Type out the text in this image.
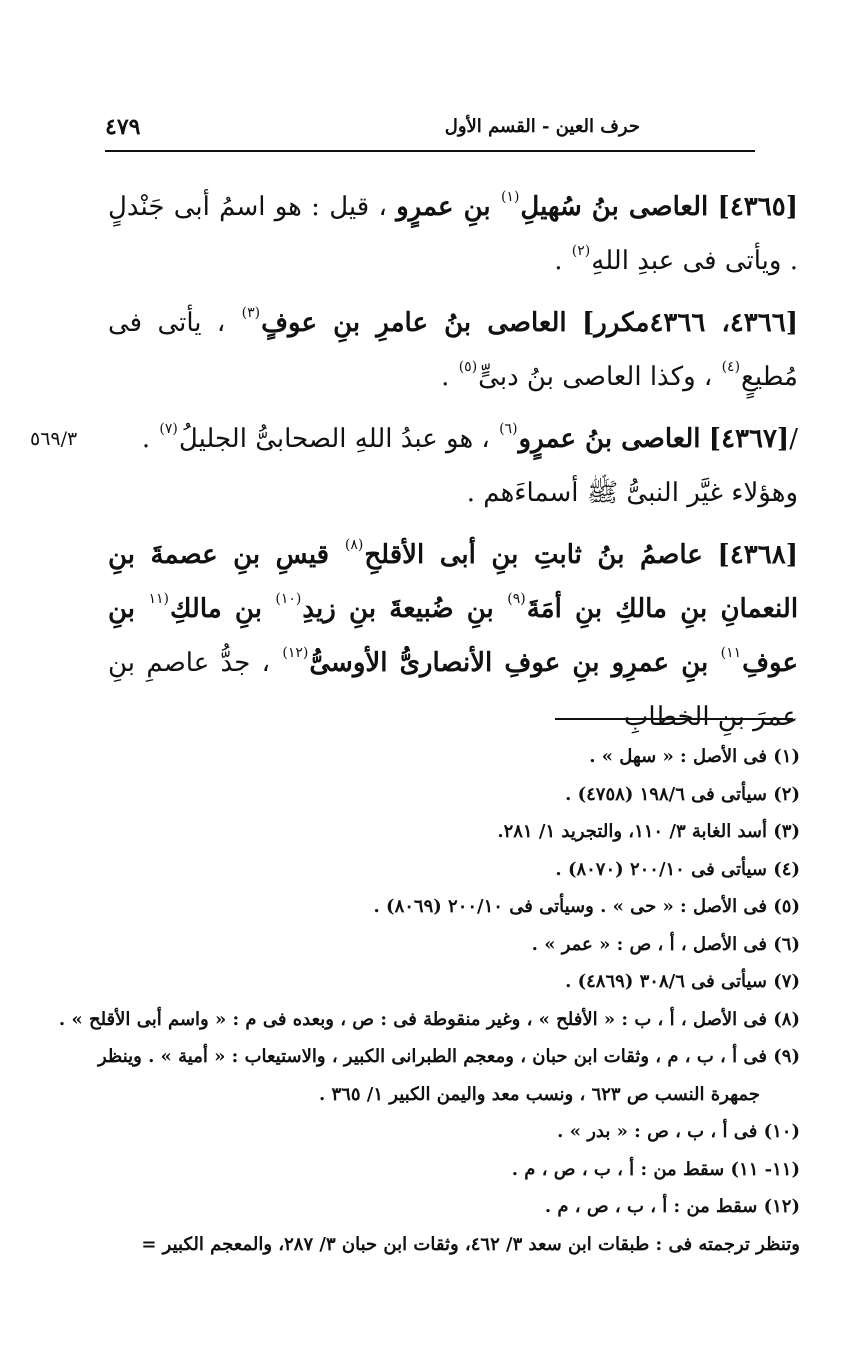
حرف العين - القسم الأول
٤٧٩
٥٦٩/٣

[٤٣٦٥] العاصى بنُ سُهيلِ$^{(١)}$ بنِ عمرٍو ، قيل : هو اسمُ أبى جَنْدلٍ . ويأتى فى عبدِ اللهِ$^{(٢)}$ .

[٤٣٦٦، ٤٣٦٦مكرر] العاصى بنُ عامرِ بنِ عوفٍ$^{(٣)}$ ، يأتى فى مُطيعٍ$^{(٤)}$ ، وكذا العاصى بنُ دبىٍّ$^{(٥)}$ .

/[٤٣٦٧] العاصى بنُ عمرٍو$^{(٦)}$ ، هو عبدُ اللهِ الصحابىُّ الجليلُ$^{(٧)}$ .
وهؤلاء غيَّر النبىُّ ﷺ أسماءَهم .

[٤٣٦٨] عاصمُ بنُ ثابتِ بنِ أبى الأقلحِ$^{(٨)}$ قيسِ بنِ عصمةَ بنِ النعمانِ بنِ مالكِ بنِ أمَةَ$^{(٩)}$ بنِ ضُبيعةَ بنِ زيدِ$^{(١٠)}$ بنِ مالكِ$^{(١١}$ بنِ عوفِ$^{١١)}$ بنِ عمرِو بنِ عوفِ الأنصارىُّ الأوسىُّ$^{(١٢)}$ ، جدُّ عاصمِ بنِ عمرَ بنِ الخطابِ

(١) فى الأصل : « سهل » .

(٢) سيأتى فى ١٩٨/٦ (٤٧٥٨) .

(٣) أسد الغابة ٣/ ١١٠، والتجريد ١/ ٢٨١.

(٤) سيأتى فى ٢٠٠/١٠ (٨٠٧٠) .

(٥) فى الأصل : « حى » . وسيأتى فى ٢٠٠/١٠ (٨٠٦٩) .

(٦) فى الأصل ، أ ، ص : « عمر » .

(٧) سيأتى فى ٣٠٨/٦ (٤٨٦٩) .

(٨) فى الأصل ، أ ، ب : « الأفلح » ، وغير منقوطة فى : ص ، وبعده فى م : « واسم أبى الأقلح » .

(٩) فى أ ، ب ، م ، وثقات ابن حبان ، ومعجم الطبرانى الكبير ، والاستيعاب : « أمية » . وينظر

جمهرة النسب ص ٦٢٣ ، ونسب معد واليمن الكبير ١/ ٣٦٥ .

(١٠) فى أ ، ب ، ص : « بدر » .

(١١- ١١) سقط من : أ ، ب ، ص ، م .

(١٢) سقط من : أ ، ب ، ص ، م .

وتنظر ترجمته فى : طبقات ابن سعد ٣/ ٤٦٢، وثقات ابن حبان ٣/ ٢٨٧، والمعجم الكبير =
